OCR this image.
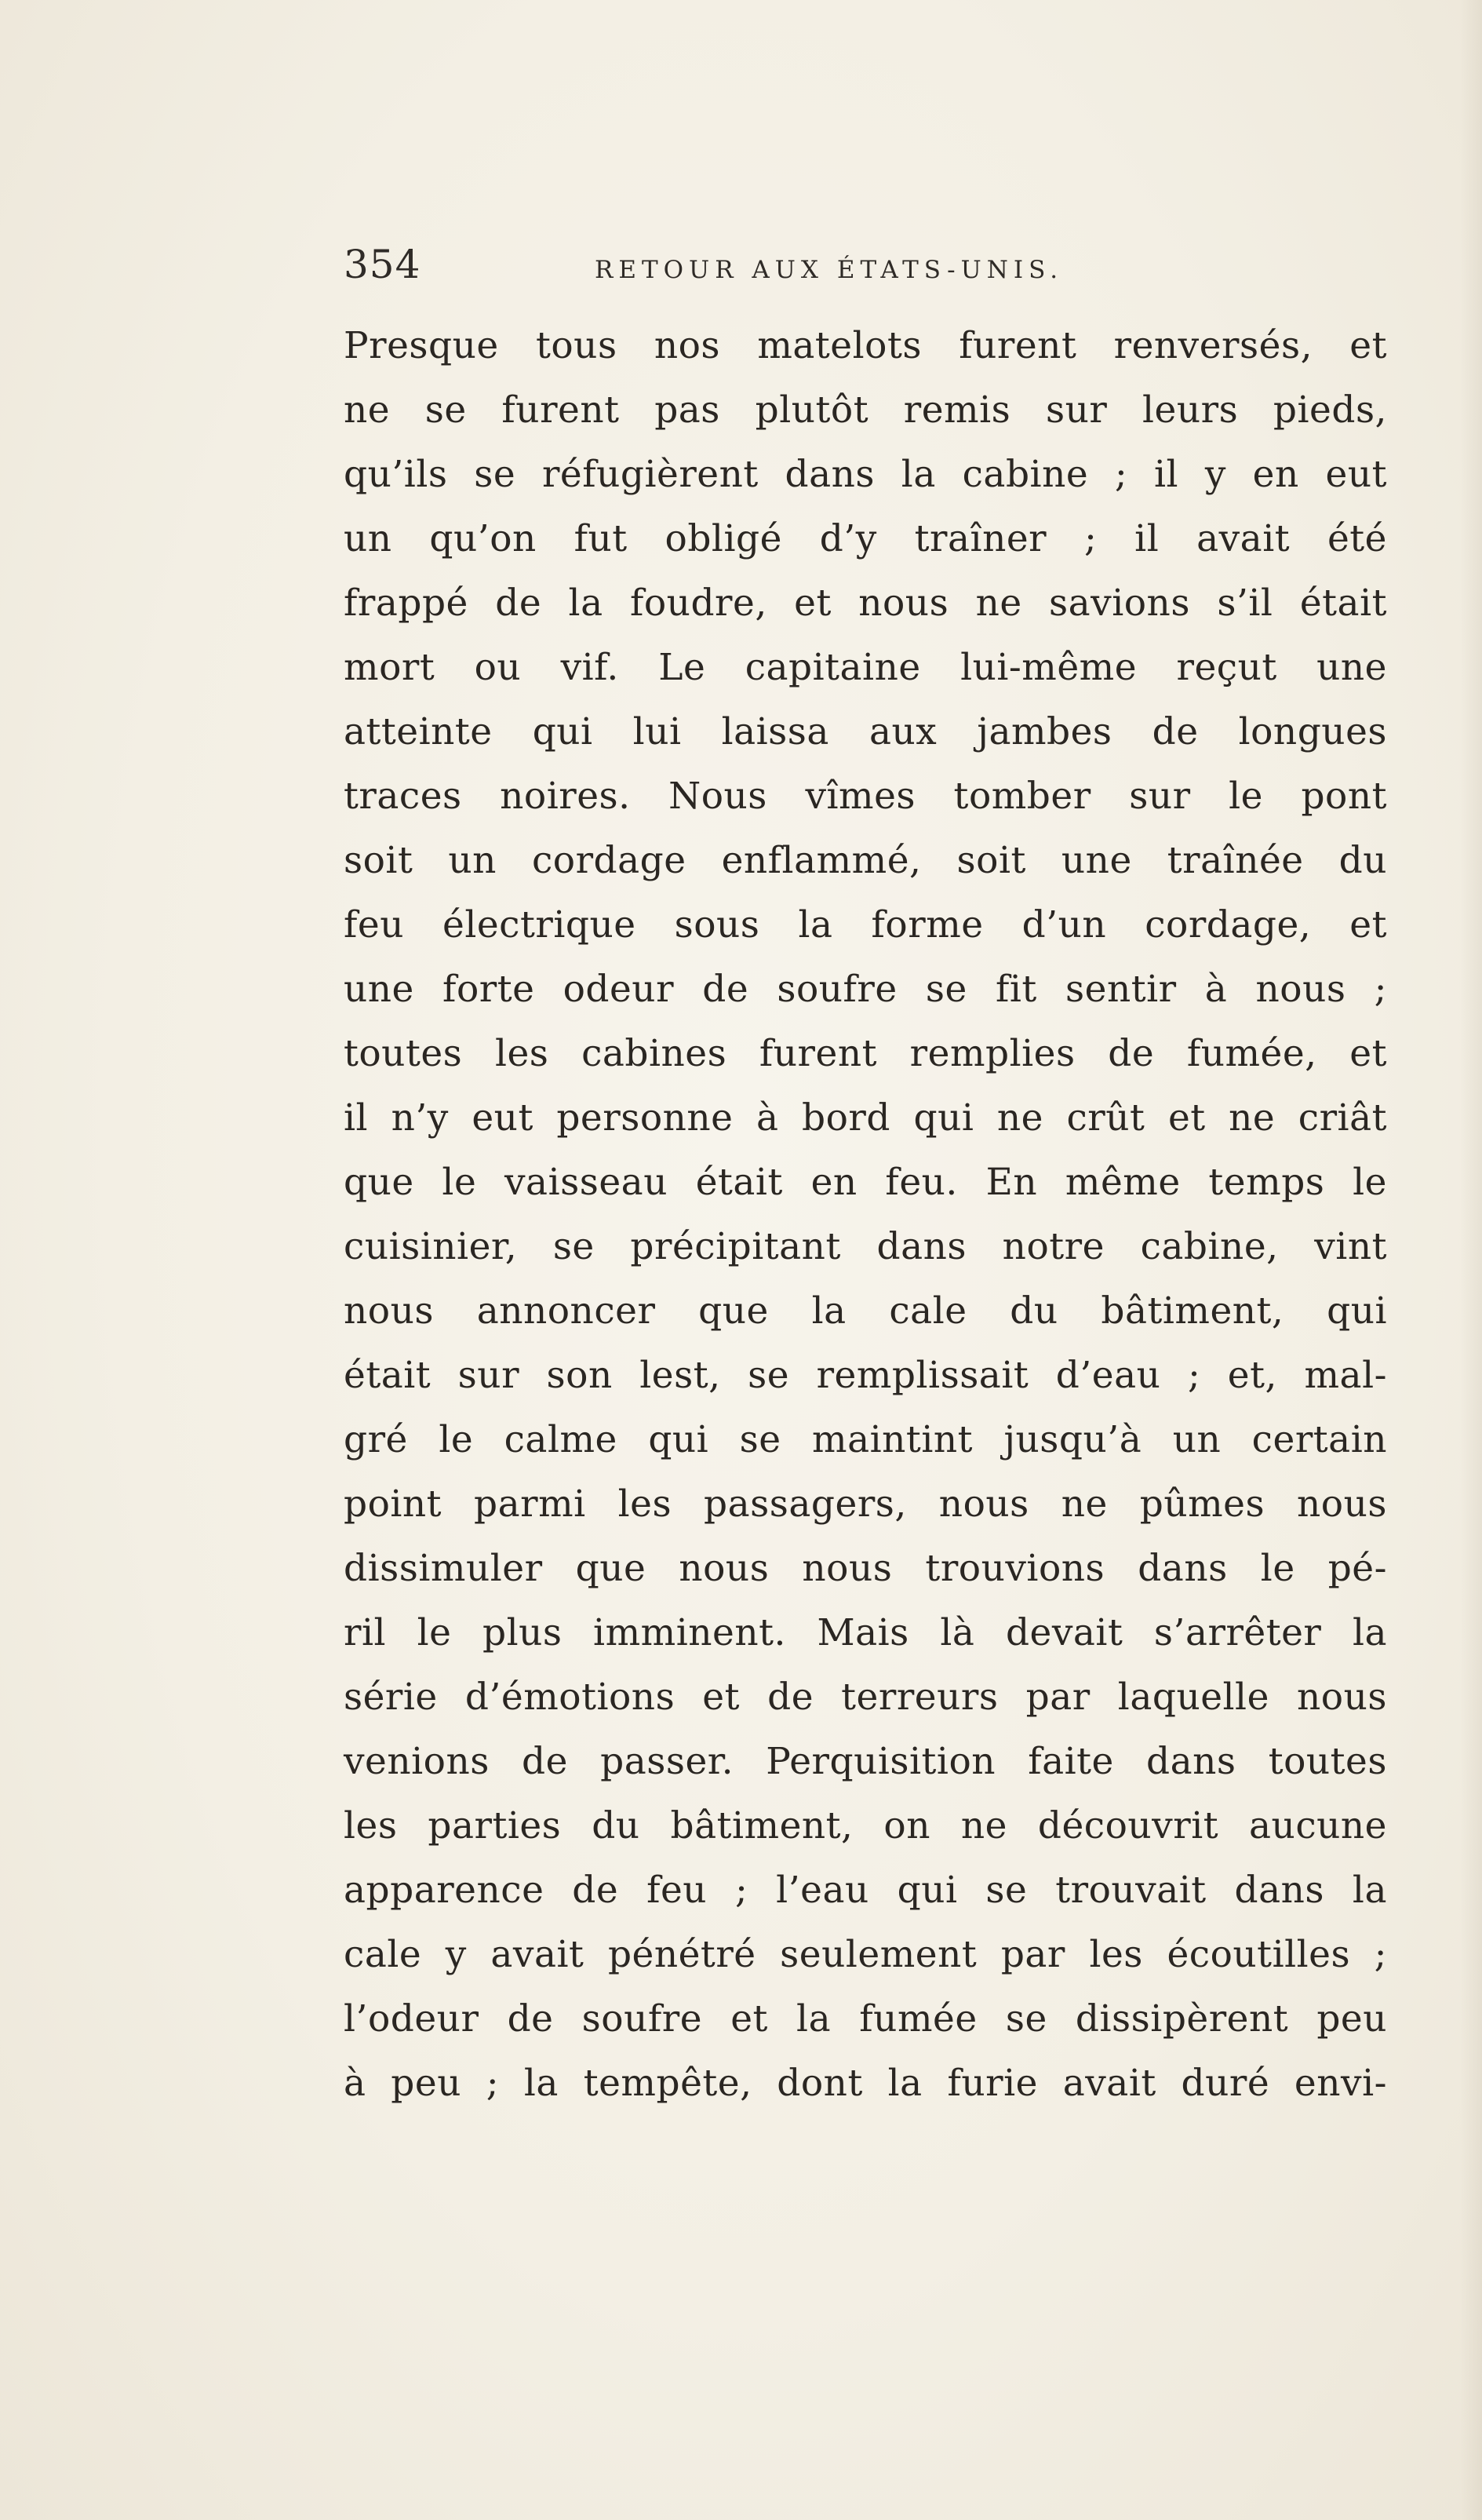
354	RETOUR AUX ÉTATS-UNIS.
Presque tous nos matelots furent renversés, et
ne se furent pas plutôt remis sur leurs pieds,
qu’ils se réfugièrent dans la cabine ; il y en eut
un qu’on fut obligé d’y traîner ; il avait été
frappé de la foudre, et nous ne savions s’il était
mort ou vif. Le capitaine lui-même reçut une
atteinte qui lui laissa aux jambes de longues
traces noires. Nous vîmes tomber sur le pont
soit un cordage enflammé, soit une traînée du
feu électrique sous la forme d’un cordage, et
une forte odeur de soufre se fit sentir à nous ;
toutes les cabines furent remplies de fumée, et
il n’y eut personne à bord qui ne crût et ne criât
que le vaisseau était en feu. En même temps le
cuisinier, se précipitant dans notre cabine, vint
nous annoncer que la cale du bâtiment, qui
était sur son lest, se remplissait d’eau ; et, mal-
gré le calme qui se maintint jusqu’à un certain
point parmi les passagers, nous ne pûmes nous
dissimuler que nous nous trouvions dans le pé-
ril le plus imminent. Mais là devait s’arrêter la
série d’émotions et de terreurs par laquelle nous
venions de passer. Perquisition faite dans toutes
les parties du bâtiment, on ne découvrit aucune
apparence de feu ; l’eau qui se trouvait dans la
cale y avait pénétré seulement par les écoutilles ;
l’odeur de soufre et la fumée se dissipèrent peu
à peu ; la tempête, dont la furie avait duré envi-
